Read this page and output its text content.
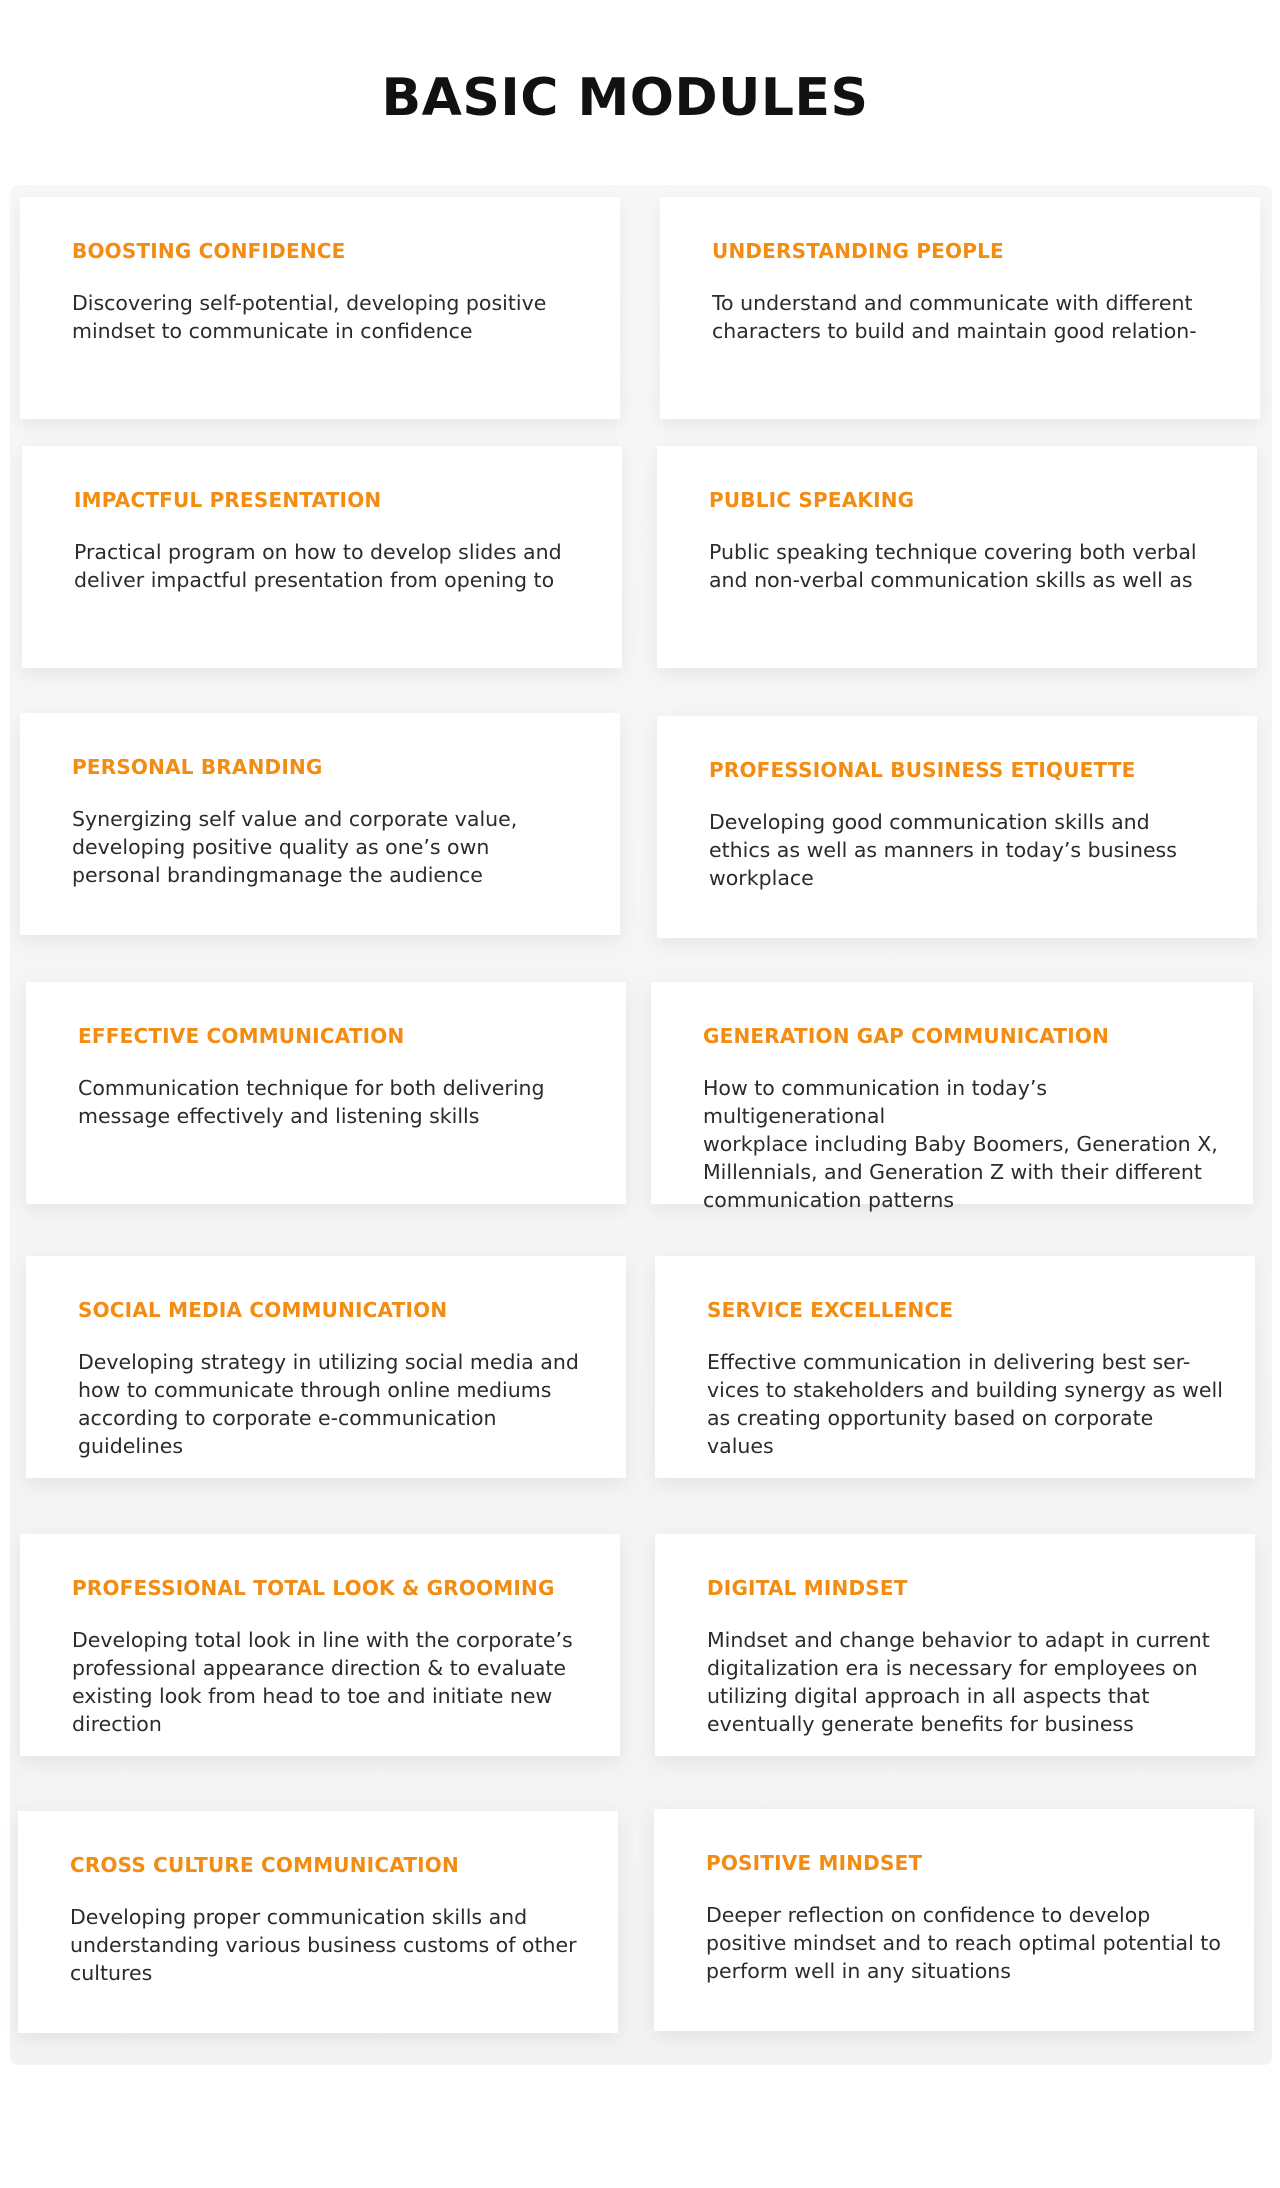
BASIC MODULES
BOOSTING CONFIDENCE
Discovering self-potential, developing positive
mindset to communicate in confidence
UNDERSTANDING PEOPLE
To understand and communicate with different
characters to build and maintain good relation-
IMPACTFUL PRESENTATION
Practical program on how to develop slides and
deliver impactful presentation from opening to
PUBLIC SPEAKING
Public speaking technique covering both verbal
and non-verbal communication skills as well as
PERSONAL BRANDING
Synergizing self value and corporate value,
developing positive quality as one’s own
personal brandingmanage the audience
PROFESSIONAL BUSINESS ETIQUETTE
Developing good communication skills and
ethics as well as manners in today’s business
workplace
EFFECTIVE COMMUNICATION
Communication technique for both delivering
message effectively and listening skills
GENERATION GAP COMMUNICATION
How to communication in today’s multigenerational
workplace including Baby Boomers, Generation X,
Millennials, and Generation Z with their different
communication patterns
SOCIAL MEDIA COMMUNICATION
Developing strategy in utilizing social media and
how to communicate through online mediums
according to corporate e-communication
guidelines
SERVICE EXCELLENCE
Effective communication in delivering best ser-
vices to stakeholders and building synergy as well
as creating opportunity based on corporate
values
PROFESSIONAL TOTAL LOOK & GROOMING
Developing total look in line with the corporate’s
professional appearance direction & to evaluate
existing look from head to toe and initiate new
direction
DIGITAL MINDSET
Mindset and change behavior to adapt in current
digitalization era is necessary for employees on
utilizing digital approach in all aspects that
eventually generate benefits for business
CROSS CULTURE COMMUNICATION
Developing proper communication skills and
understanding various business customs of other
cultures
POSITIVE MINDSET
Deeper reflection on confidence to develop
positive mindset and to reach optimal potential to
perform well in any situations
